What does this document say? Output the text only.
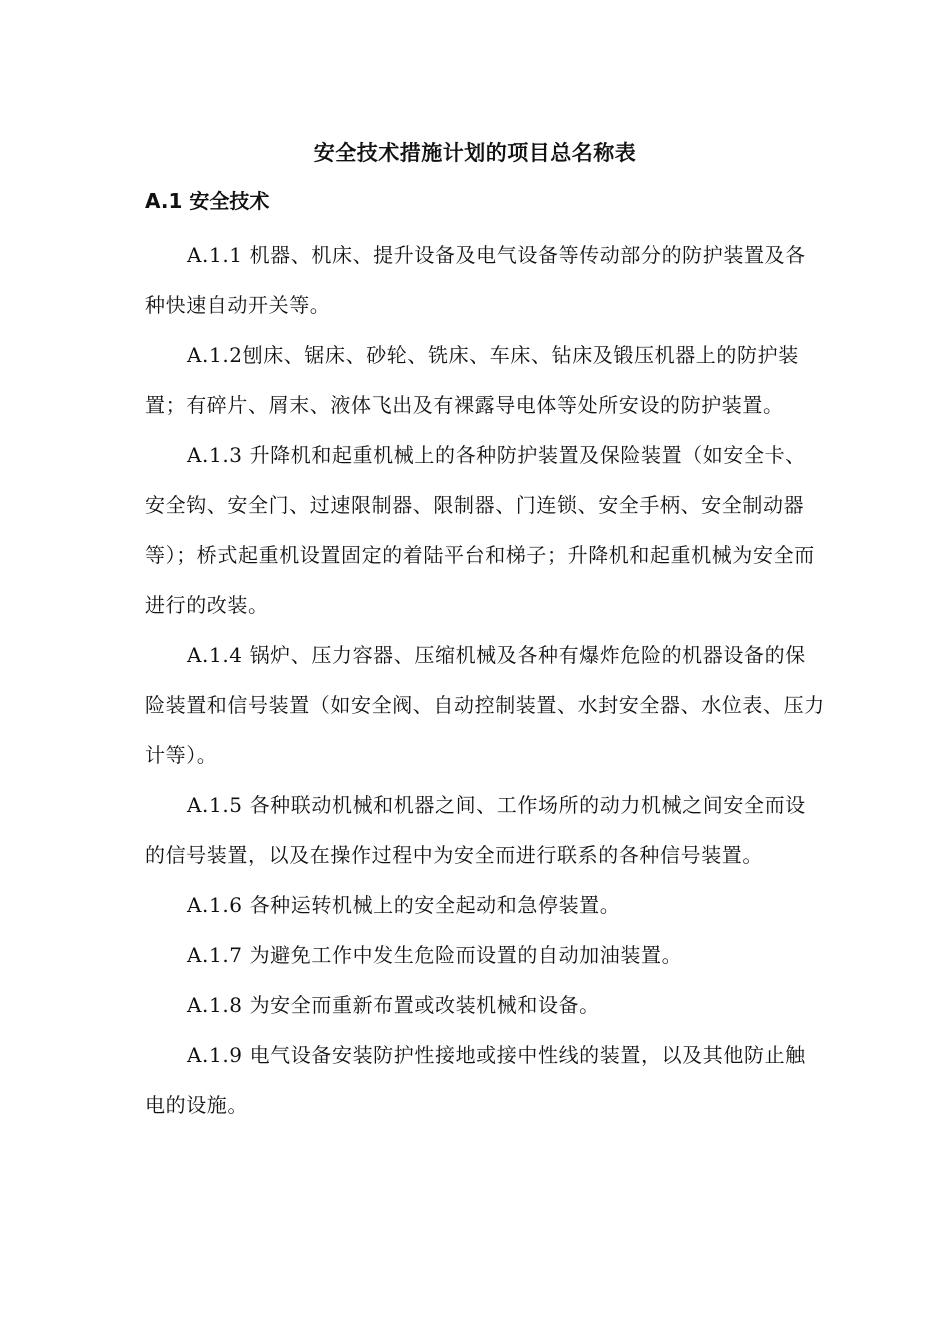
安全技术措施计划的项目总名称表
A.1 安全技术

A.1.1 机器、机床、提升设备及电气设备等传动部分的防护装置及各种快速自动开关等。

A.1.2刨床、锯床、砂轮、铣床、车床、钻床及锻压机器上的防护装置；有碎片、屑末、液体飞出及有裸露导电体等处所安设的防护装置。

A.1.3 升降机和起重机械上的各种防护装置及保险装置（如安全卡、安全钩、安全门、过速限制器、限制器、门连锁、安全手柄、安全制动器等）；桥式起重机设置固定的着陆平台和梯子；升降机和起重机械为安全而进行的改装。

A.1.4 锅炉、压力容器、压缩机械及各种有爆炸危险的机器设备的保险装置和信号装置（如安全阀、自动控制装置、水封安全器、水位表、压力计等）。

A.1.5 各种联动机械和机器之间、工作场所的动力机械之间安全而设的信号装置，以及在操作过程中为安全而进行联系的各种信号装置。

A.1.6 各种运转机械上的安全起动和急停装置。

A.1.7 为避免工作中发生危险而设置的自动加油装置。

A.1.8 为安全而重新布置或改装机械和设备。

A.1.9 电气设备安装防护性接地或接中性线的装置，以及其他防止触电的设施。
